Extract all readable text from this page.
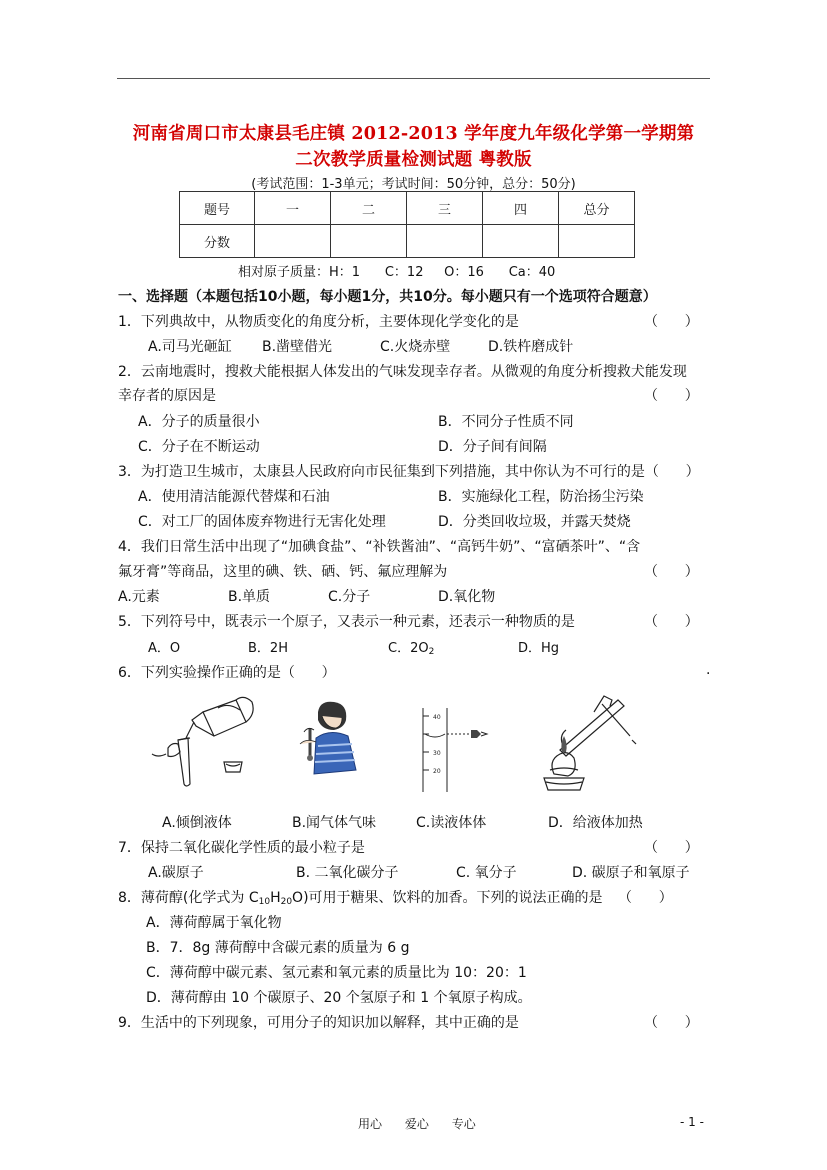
河南省周口市太康县毛庄镇 2012-2013 学年度九年级化学第一学期第
二次教学质量检测试题 粤教版
(考试范围：1-3单元；考试时间：50分钟，总分：50分)
题号	一	二	三	四	总分
分数					
相对原子质量：H：1      C：12     O：16      Ca：40
一、选择题（本题包括10小题，每小题1分，共10分。每小题只有一个选项符合题意）
1．下列典故中，从物质变化的角度分析，主要体现化学变化的是	（      ）
A.司马光砸缸 B.凿壁借光	C.火烧赤壁	D.铁杵磨成针
2．云南地震时，搜救犬能根据人体发出的气味发现幸存者。从微观的角度分析搜救犬能发现
幸存者的原因是	（      ）
A．分子的质量很小	B．不同分子性质不同
C．分子在不断运动	D．分子间有间隔
3．为打造卫生城市，太康县人民政府向市民征集到下列措施，其中你认为不可行的是（      ）
A．使用清洁能源代替煤和石油	B．实施绿化工程，防治扬尘污染
C．对工厂的固体废弃物进行无害化处理	D．分类回收垃圾，并露天焚烧
4．我们日常生活中出现了“加碘食盐”、“补铁酱油”、“高钙牛奶”、“富硒茶叶”、“含
氟牙膏”等商品，这里的碘、铁、硒、钙、氟应理解为	（      ）
A.元素	B.单质	C.分子	D.氧化物
5．下列符号中，既表示一个原子，又表示一种元素，还表示一种物质的是	（      ）
A．O	B．2H	C．2O2	D．Hg
6．下列实验操作正确的是（      ）	.
40
30
20
A.倾倒液体	B.闻气体气味	C.读液体体	D．给液体加热
7．保持二氧化碳化学性质的最小粒子是	（      ）
A.碳原子	B. 二氧化碳分子	C. 氧分子	D. 碳原子和氧原子
8．薄荷醇(化学式为 C10H20O)可用于糖果、饮料的加香。下列的说法正确的是 （      ）
A．薄荷醇属于氧化物
B．7．8g 薄荷醇中含碳元素的质量为 6 g
C．薄荷醇中碳元素、氢元素和氧元素的质量比为 10：20：1
D．薄荷醇由 10 个碳原子、20 个氢原子和 1 个氧原子构成。
9．生活中的下列现象，可用分子的知识加以解释，其中正确的是	（      ）
用心      爱心      专心	- 1 -
